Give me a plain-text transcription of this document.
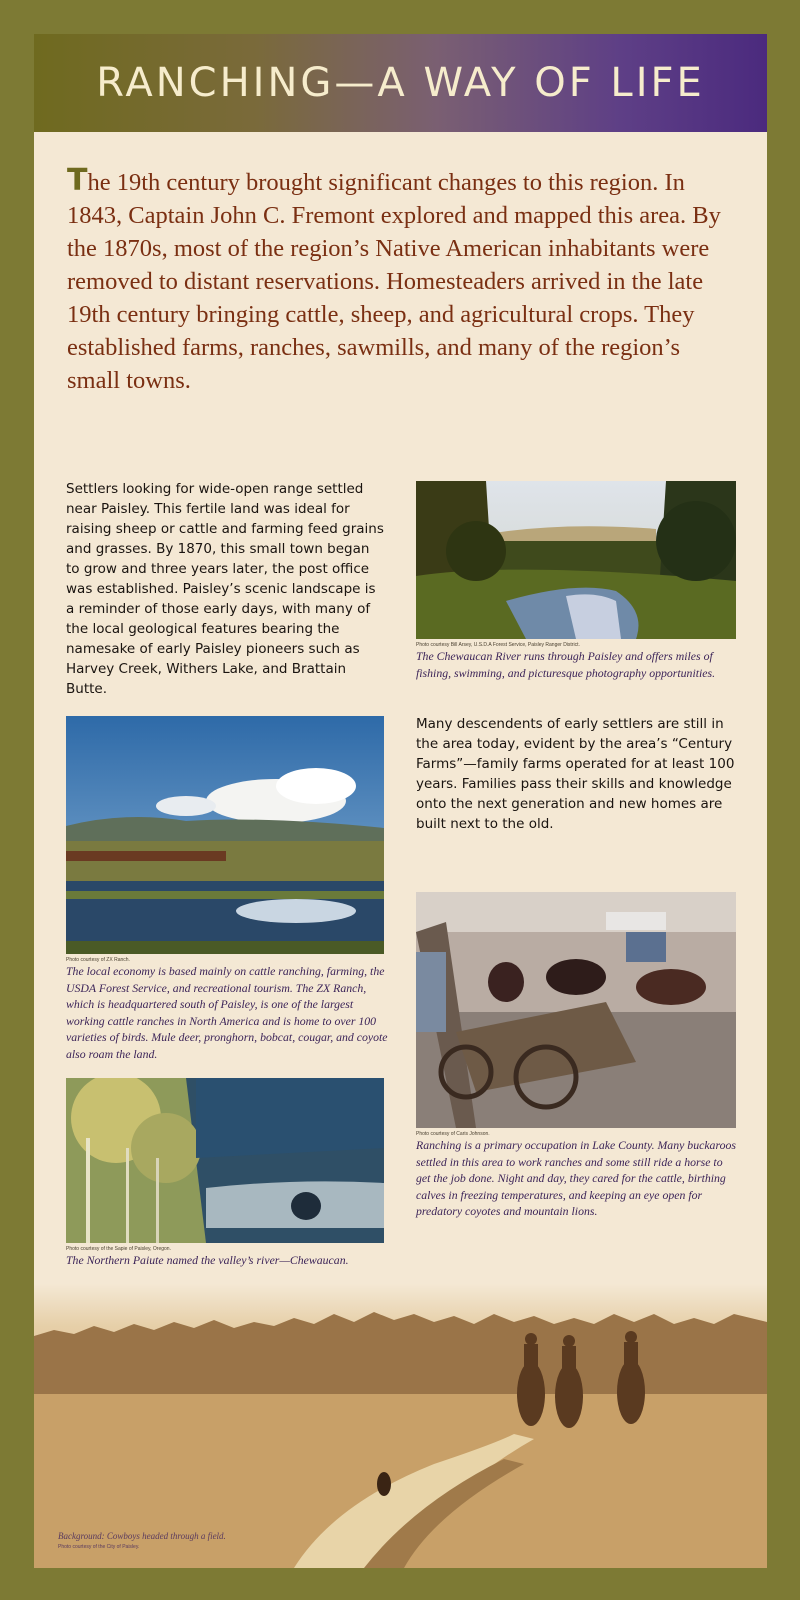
RANCHING—A WAY OF LIFE

The 19th century brought significant changes to this region. In 1843, Captain John C. Fremont explored and mapped this area. By the 1870s, most of the region’s Native American inhabitants were removed to distant reservations. Homesteaders arrived in the late 19th century bringing cattle, sheep, and agricultural crops. They established farms, ranches, sawmills, and many of the region’s small towns.

Settlers looking for wide-open range settled near Paisley. This fertile land was ideal for raising sheep or cattle and farming feed grains and grasses. By 1870, this small town began to grow and three years later, the post office was established. Paisley’s scenic landscape is a reminder of those early days, with many of the local geological features bearing the namesake of early Paisley pioneers such as Harvey Creek, Withers Lake, and Brattain Butte.

Photo courtesy Bill Arsey, U.S.D.A Forest Service, Paisley Ranger District.

The Chewaucan River runs through Paisley and offers miles of fishing, swimming, and picturesque photography opportunities.

Photo courtesy of ZX Ranch.

The local economy is based mainly on cattle ranching, farming, the USDA Forest Service, and recreational tourism. The ZX Ranch, which is headquartered south of Paisley, is one of the largest working cattle ranches in North America and is home to over 100 varieties of birds. Mule deer, pronghorn, bobcat, cougar, and coyote also roam the land.

Many descendents of early settlers are still in the area today, evident by the area’s “Century Farms”—family farms operated for at least 100 years. Families pass their skills and knowledge onto the next generation and new homes are built next to the old.

Photo courtesy of Caris Johnson.

Ranching is a primary occupation in Lake County. Many buckaroos settled in this area to work ranches and some still ride a horse to get the job done. Night and day, they cared for the cattle, birthing calves in freezing temperatures, and keeping an eye open for predatory coyotes and mountain lions.

Photo courtesy of the Sapie of Paisley, Oregon.

The Northern Paiute named the valley’s river—Chewaucan.

Background: Cowboys headed through a field.
Photo courtesy of the City of Paisley.
